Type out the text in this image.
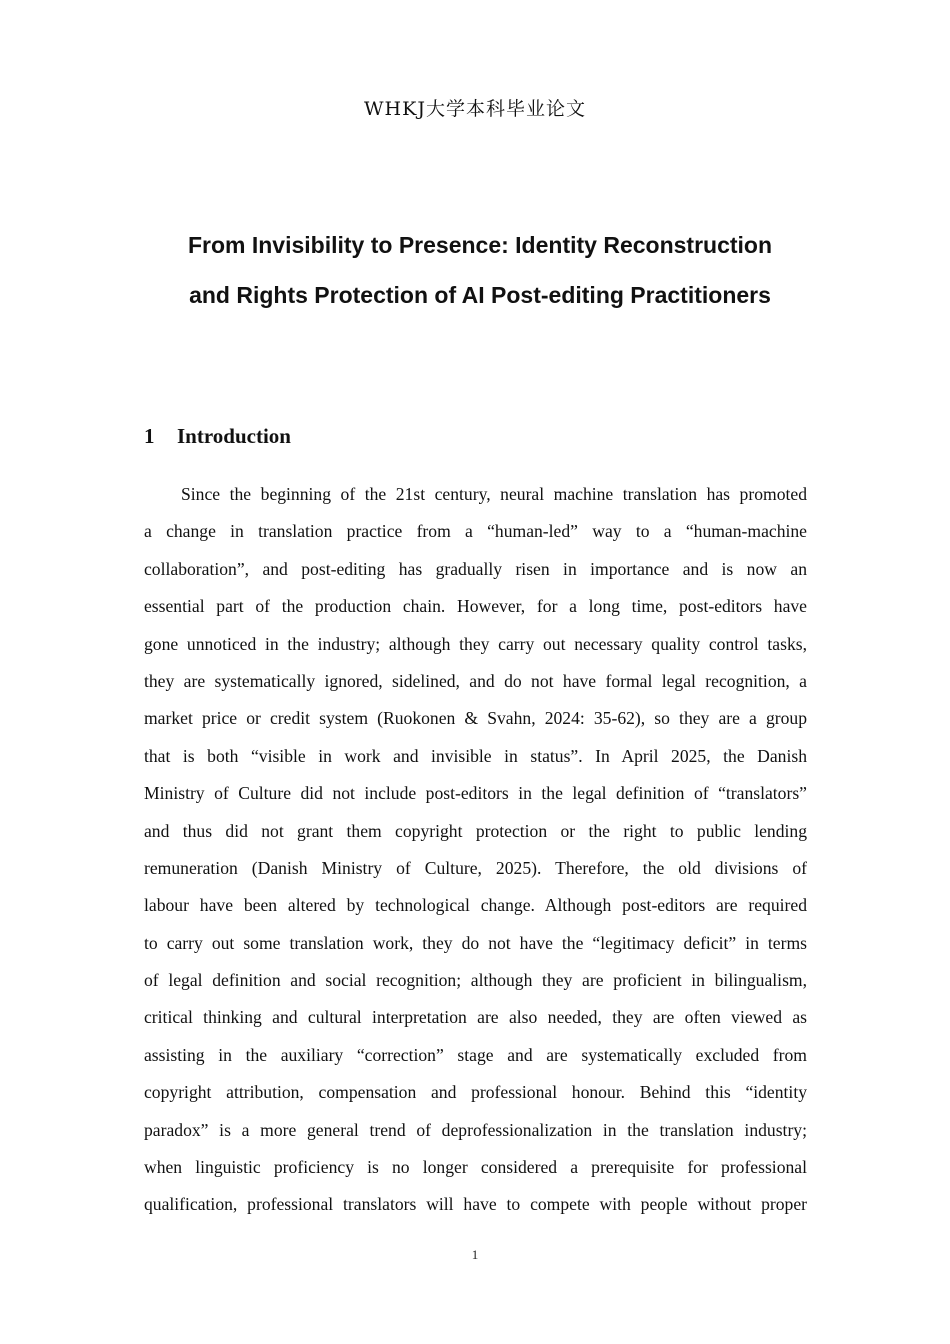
WHKJ大学本科毕业论文
From Invisibility to Presence: Identity Reconstruction
and Rights Protection of AI Post-editing Practitioners
1 Introduction
Since the beginning of the 21st century, neural machine translation has promoted
a change in translation practice from a “human-led” way to a “human-machine
collaboration”, and post-editing has gradually risen in importance and is now an
essential part of the production chain. However, for a long time, post-editors have
gone unnoticed in the industry; although they carry out necessary quality control tasks,
they are systematically ignored, sidelined, and do not have formal legal recognition, a
market price or credit system (Ruokonen & Svahn, 2024: 35-62), so they are a group
that is both “visible in work and invisible in status”. In April 2025, the Danish
Ministry of Culture did not include post-editors in the legal definition of “translators”
and thus did not grant them copyright protection or the right to public lending
remuneration (Danish Ministry of Culture, 2025). Therefore, the old divisions of
labour have been altered by technological change. Although post-editors are required
to carry out some translation work, they do not have the “legitimacy deficit” in terms
of legal definition and social recognition; although they are proficient in bilingualism,
critical thinking and cultural interpretation are also needed, they are often viewed as
assisting in the auxiliary “correction” stage and are systematically excluded from
copyright attribution, compensation and professional honour. Behind this “identity
paradox” is a more general trend of deprofessionalization in the translation industry;
when linguistic proficiency is no longer considered a prerequisite for professional
qualification, professional translators will have to compete with people without proper
1
